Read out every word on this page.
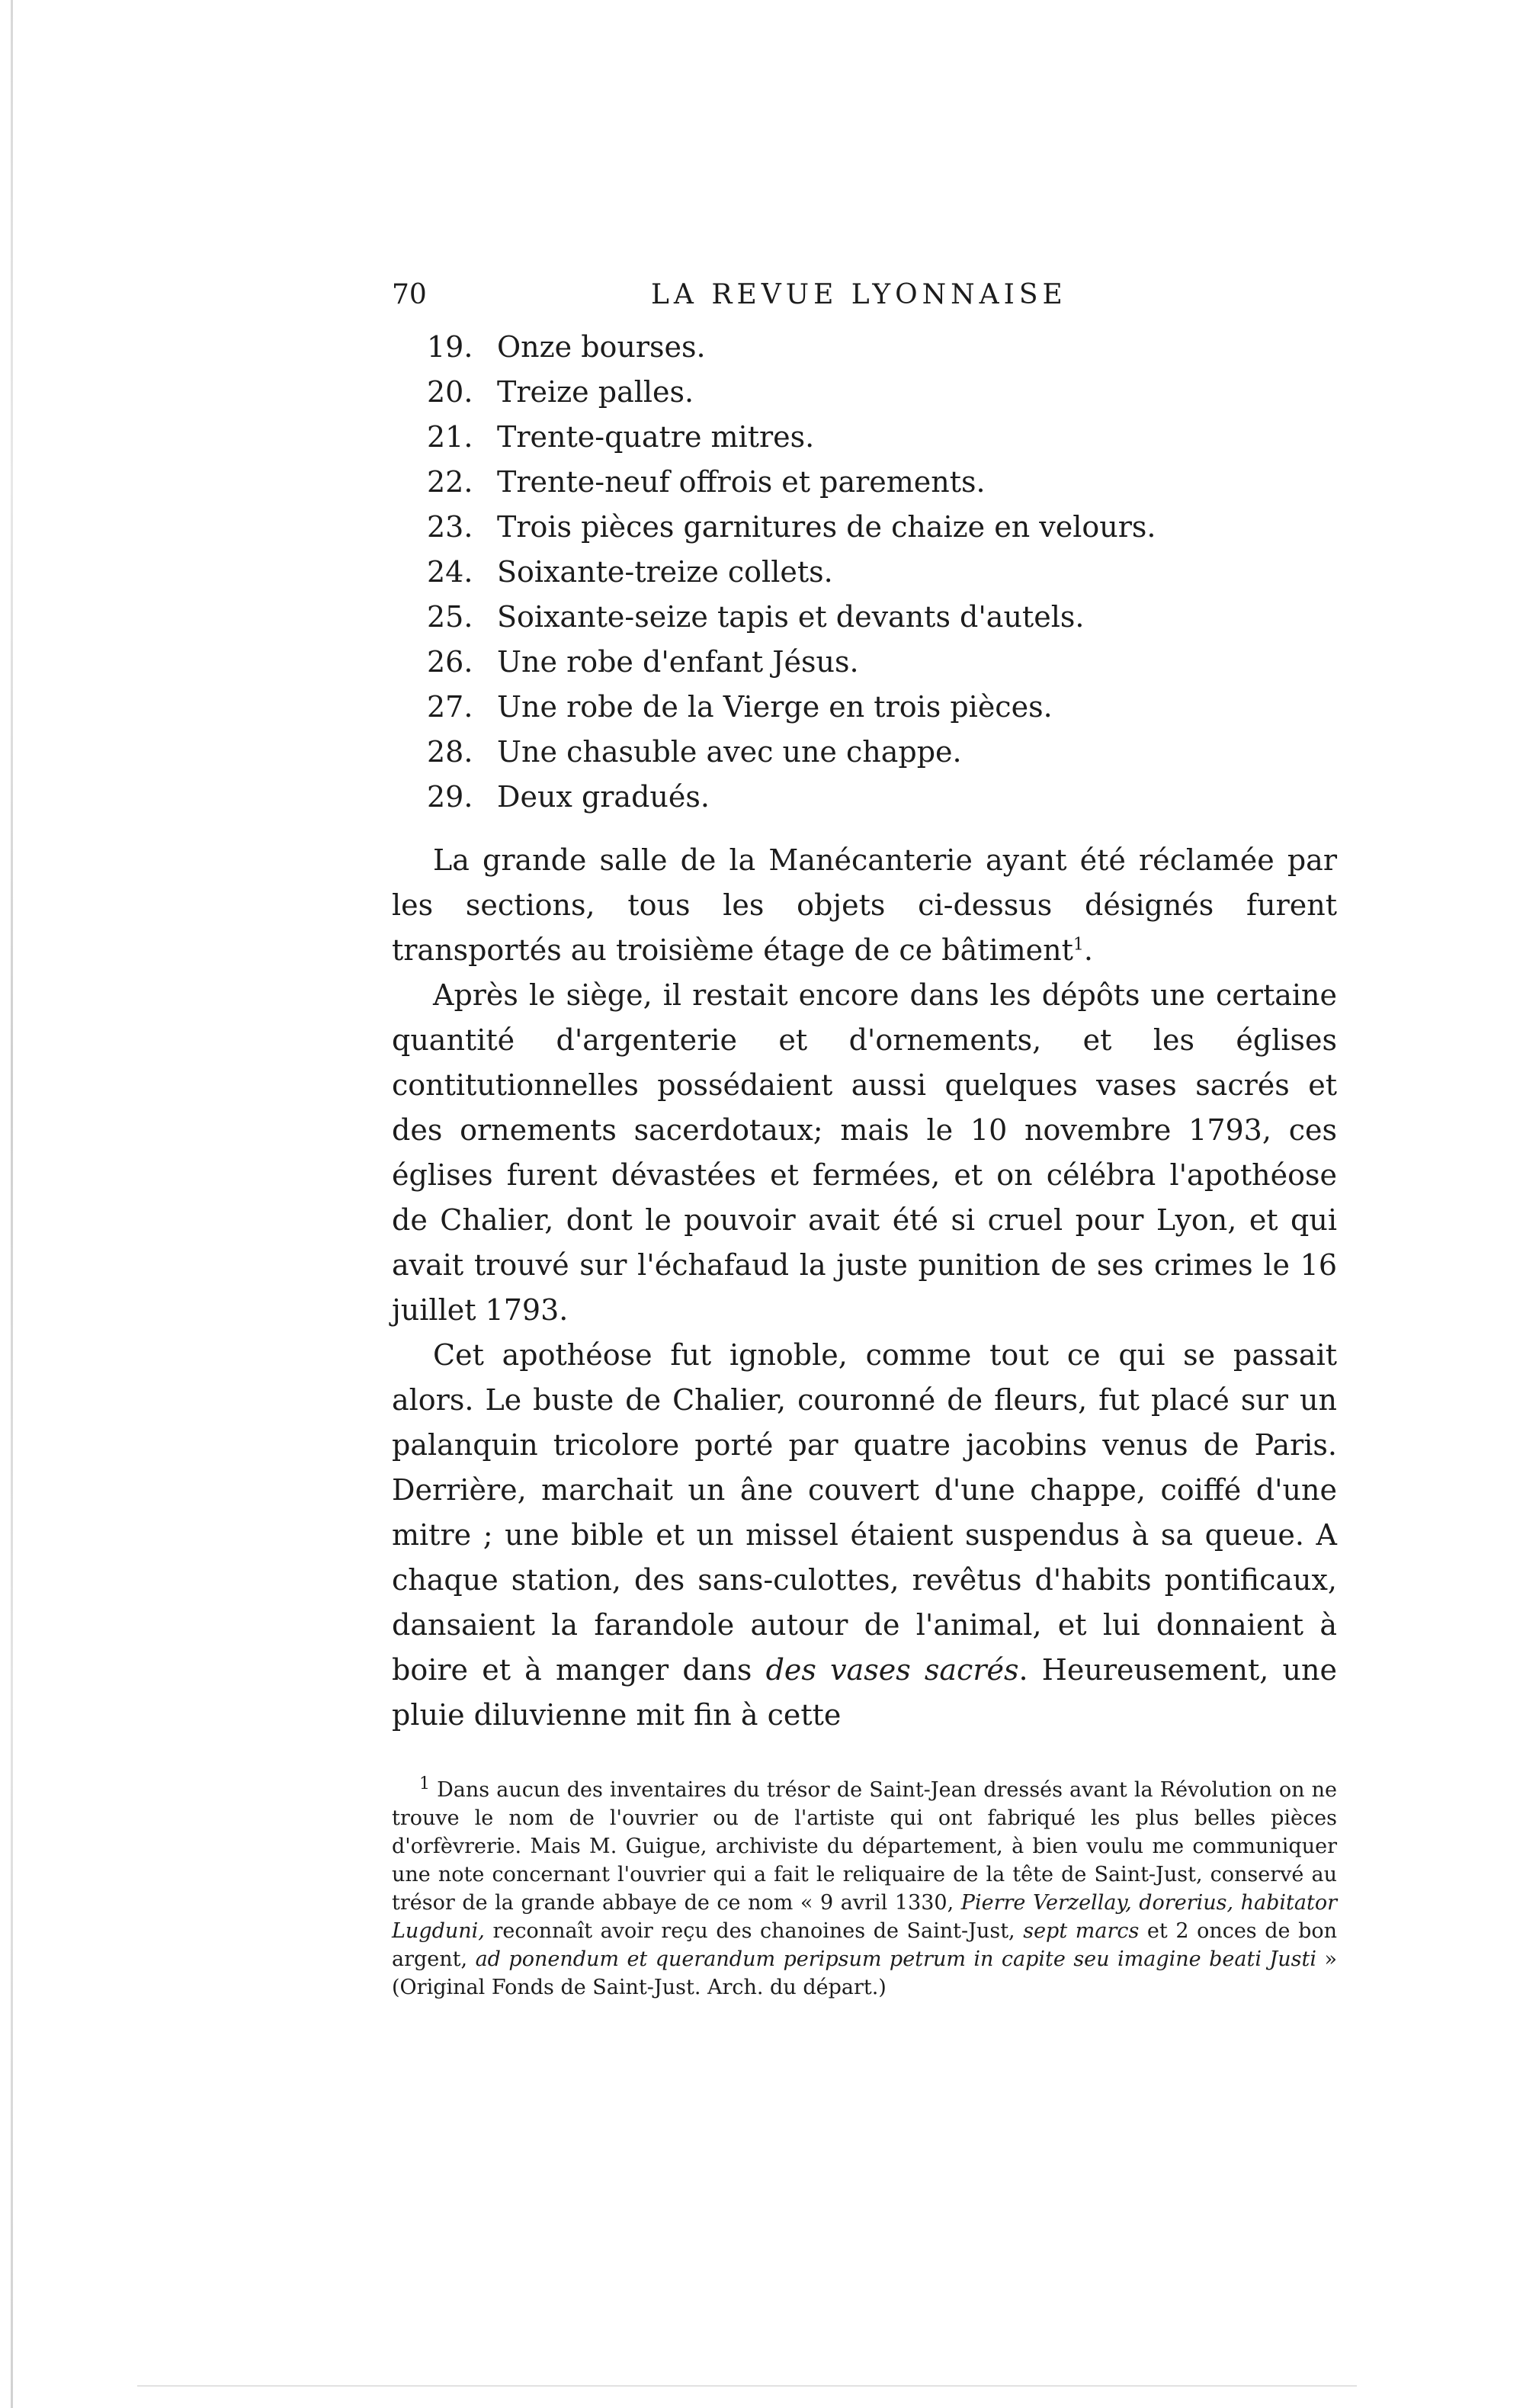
70	LA REVUE LYONNAISE
19. Onze bourses.
20. Treize palles.
21. Trente-quatre mitres.
22. Trente-neuf offrois et parements.
23. Trois pièces garnitures de chaize en velours.
24. Soixante-treize collets.
25. Soixante-seize tapis et devants d'autels.
26. Une robe d'enfant Jésus.
27. Une robe de la Vierge en trois pièces.
28. Une chasuble avec une chappe.
29. Deux gradués.

La grande salle de la Manécanterie ayant été réclamée par les sections, tous les objets ci-dessus désignés furent transportés au troisième étage de ce bâtiment$^1$.

Après le siège, il restait encore dans les dépôts une certaine quantité d'argenterie et d'ornements, et les églises contitutionnelles possédaient aussi quelques vases sacrés et des ornements sacerdotaux; mais le 10 novembre 1793, ces églises furent dévastées et fermées, et on célébra l'apothéose de Chalier, dont le pouvoir avait été si cruel pour Lyon, et qui avait trouvé sur l'échafaud la juste punition de ses crimes le 16 juillet 1793.

Cet apothéose fut ignoble, comme tout ce qui se passait alors. Le buste de Chalier, couronné de fleurs, fut placé sur un palanquin tricolore porté par quatre jacobins venus de Paris. Derrière, marchait un âne couvert d'une chappe, coiffé d'une mitre ; une bible et un missel étaient suspendus à sa queue. A chaque station, des sans-culottes, revêtus d'habits pontificaux, dansaient la farandole autour de l'animal, et lui donnaient à boire et à manger dans des vases sacrés. Heureusement, une pluie diluvienne mit fin à cette

$^1$ Dans aucun des inventaires du trésor de Saint-Jean dressés avant la Révolution on ne trouve le nom de l'ouvrier ou de l'artiste qui ont fabriqué les plus belles pièces d'orfèvrerie. Mais M. Guigue, archiviste du département, à bien voulu me communiquer une note concernant l'ouvrier qui a fait le reliquaire de la tête de Saint-Just, conservé au trésor de la grande abbaye de ce nom « 9 avril 1330, Pierre Verzellay, dorerius, habitator Lugduni, reconnaît avoir reçu des chanoines de Saint-Just, sept marcs et 2 onces de bon argent, ad ponendum et querandum peripsum petrum in capite seu imagine beati Justi » (Original Fonds de Saint-Just. Arch. du départ.)
